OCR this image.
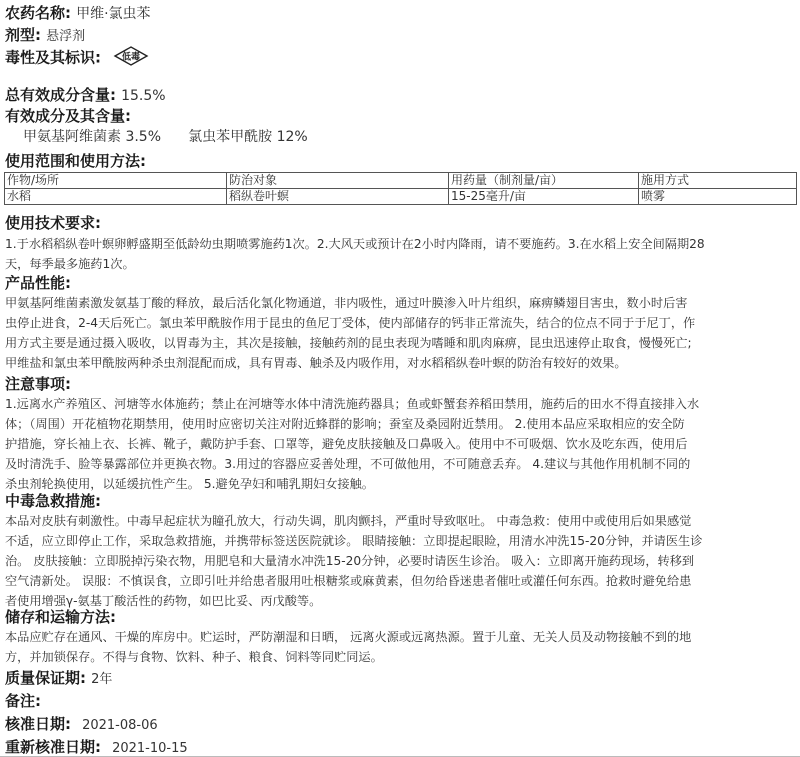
农药名称: 甲维·氯虫苯
剂型: 悬浮剂
毒性及其标识: 低毒
总有效成分含量: 15.5%
有效成分及其含量:
甲氨基阿维菌素 3.5% 氯虫苯甲酰胺 12%
使用范围和使用方法:
作物/场所	防治对象	用药量（制剂量/亩）	施用方式
水稻	稻纵卷叶螟	15-25毫升/亩	喷雾
使用技术要求:
1.于水稻稻纵卷叶螟卵孵盛期至低龄幼虫期喷雾施药1次。2.大风天或预计在2小时内降雨，请不要施药。3.在水稻上安全间隔期28
天，每季最多施药1次。
产品性能:
甲氨基阿维菌素激发氨基丁酸的释放，最后活化氯化物通道，非内吸性，通过叶膜渗入叶片组织，麻痹鳞翅目害虫，数小时后害
虫停止进食，2-4天后死亡。氯虫苯甲酰胺作用于昆虫的鱼尼丁受体，使内部储存的钙非正常流失，结合的位点不同于于尼丁，作
用方式主要是通过摄入吸收，以胃毒为主，其次是接触，接触药剂的昆虫表现为嗜睡和肌肉麻痹，昆虫迅速停止取食，慢慢死亡;
甲维盐和氯虫苯甲酰胺两种杀虫剂混配而成，具有胃毒、触杀及内吸作用，对水稻稻纵卷叶螟的防治有较好的效果。
注意事项:
1.远离水产养殖区、河塘等水体施药；禁止在河塘等水体中清洗施药器具；鱼或虾蟹套养稻田禁用，施药后的田水不得直接排入水
体；（周围）开花植物花期禁用，使用时应密切关注对附近蜂群的影响；蚕室及桑园附近禁用。 2.使用本品应采取相应的安全防
护措施，穿长袖上衣、长裤、靴子，戴防护手套、口罩等，避免皮肤接触及口鼻吸入。使用中不可吸烟、饮水及吃东西，使用后
及时清洗手、脸等暴露部位并更换衣物。3.用过的容器应妥善处理，不可做他用，不可随意丢弃。 4.建议与其他作用机制不同的
杀虫剂轮换使用，以延缓抗性产生。 5.避免孕妇和哺乳期妇女接触。
中毒急救措施:
本品对皮肤有刺激性。中毒早起症状为瞳孔放大，行动失调，肌肉颤抖，严重时导致呕吐。 中毒急救：使用中或使用后如果感觉
不适，应立即停止工作，采取急救措施，并携带标签送医院就诊。 眼睛接触：立即提起眼睑，用清水冲洗15-20分钟，并请医生诊
治。 皮肤接触：立即脱掉污染衣物，用肥皂和大量清水冲洗15-20分钟，必要时请医生诊治。 吸入：立即离开施药现场，转移到
空气清新处。 误服：不慎误食，立即引吐并给患者服用吐根糖浆或麻黄素，但勿给昏迷患者催吐或灌任何东西。抢救时避免给患
者使用增强γ-氨基丁酸活性的药物，如巴比妥、丙戊酸等。
储存和运输方法:
本品应贮存在通风、干燥的库房中。贮运时，严防潮湿和日晒， 远离火源或远离热源。置于儿童、无关人员及动物接触不到的地
方，并加锁保存。不得与食物、饮料、种子、粮食、饲料等同贮同运。
质量保证期: 2年
备注:
核准日期: 2021-08-06
重新核准日期: 2021-10-15
